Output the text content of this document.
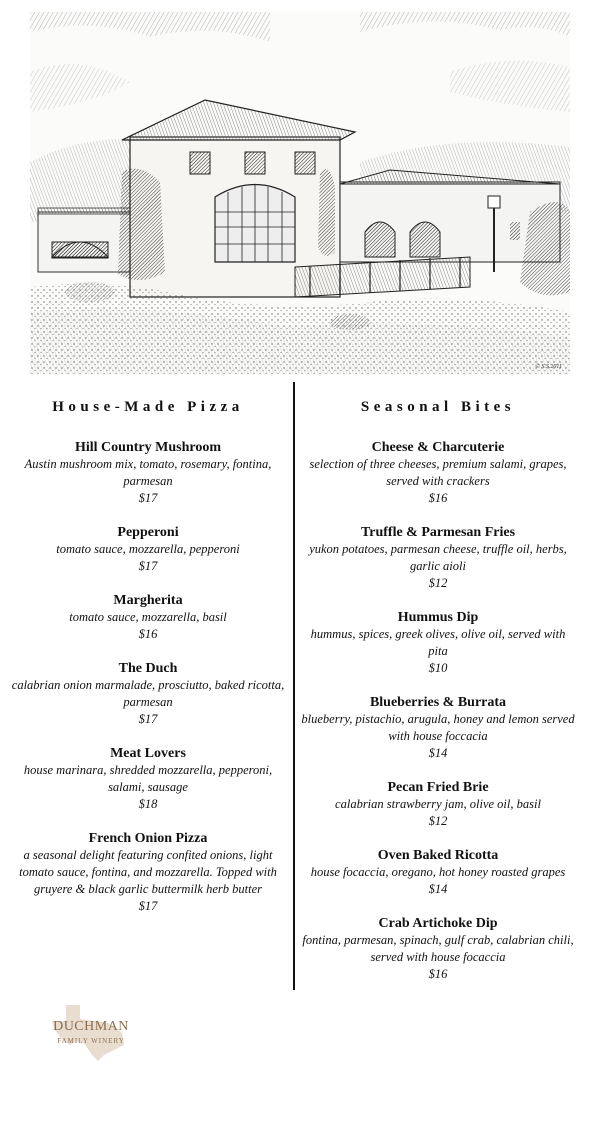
© S.S.2011
House-Made Pizza
Hill Country Mushroom
Austin mushroom mix, tomato, rosemary, fontina, parmesan
$17
Pepperoni
tomato sauce, mozzarella, pepperoni
$17
Margherita
tomato sauce, mozzarella, basil
$16
The Duch
calabrian onion marmalade, prosciutto, baked ricotta, parmesan
$17
Meat Lovers
house marinara, shredded mozzarella, pepperoni, salami, sausage
$18
French Onion Pizza
a seasonal delight featuring confited onions, light tomato sauce, fontina, and mozzarella. Topped with gruyere & black garlic buttermilk herb butter
$17
Seasonal Bites
Cheese & Charcuterie
selection of three cheeses, premium salami, grapes, served with crackers
$16
Truffle & Parmesan Fries
yukon potatoes, parmesan cheese, truffle oil, herbs, garlic aioli
$12
Hummus Dip
hummus, spices, greek olives, olive oil, served with pita
$10
Blueberries & Burrata
blueberry, pistachio, arugula, honey and lemon served with house foccacia
$14
Pecan Fried Brie
calabrian strawberry jam, olive oil, basil
$12
Oven Baked Ricotta
house focaccia, oregano, hot honey roasted grapes
$14
Crab Artichoke Dip
fontina, parmesan, spinach, gulf crab, calabrian chili, served with house focaccia
$16
DUCHMAN
FAMILY WINERY
